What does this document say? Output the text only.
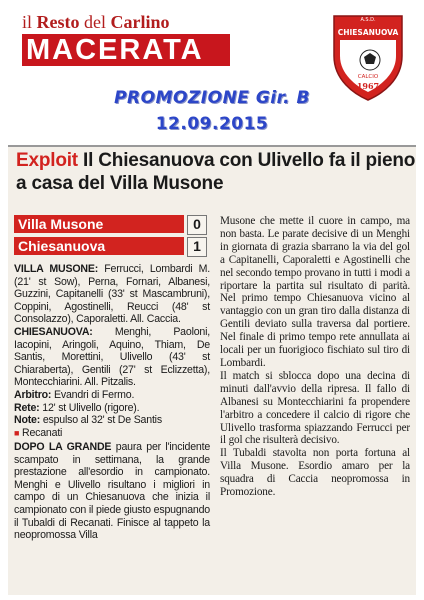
il Resto del Carlino
MACERATA
A.S.D.
CHIESANUOVA
CALCIO
1967
PROMOZIONE Gir. B
12.09.2015
Exploit Il Chiesanuova con Ulivello fa il pieno a casa del Villa Musone
Villa Musone	0
Chiesanuova	1
VILLA MUSONE: Ferrucci, Lombardi M. (21' st Sow), Perna, Fornari, Albanesi, Guzzini, Capitanelli (33' st Mascambruni), Coppini, Agostinelli, Reucci (48' st Consolazzo), Caporaletti. All. Caccia.
CHIESANUOVA: Menghi, Paoloni, Iacopini, Aringoli, Aquino, Thiam, De Santis, Morettini, Ulivello (43' st Chiaraberta), Gentili (27' st Eclizzetta), Montecchiarini. All. Pitzalis.
Arbitro: Evandri di Fermo.
Rete: 12' st Ulivello (rigore).
Note: espulso al 32' st De Santis
■ Recanati
DOPO LA GRANDE paura per l'incidente scampato in settimana, la grande prestazione all'esordio in campionato. Menghi e Ulivello risultano i migliori in campo di un Chiesanuova che inizia il campionato con il piede giusto espugnando il Tubaldi di Recanati. Finisce al tappeto la neopromossa Villa

Musone che mette il cuore in campo, ma non basta. Le parate decisive di un Menghi in giornata di grazia sbarrano la via del gol a Capitanelli, Caporaletti e Agostinelli che nel secondo tempo provano in tutti i modi a riportare la partita sul risultato di parità. Nel primo tempo Chiesanuova vicino al vantaggio con un gran tiro dalla distanza di Gentili deviato sulla traversa dal portiere. Nel finale di primo tempo rete annullata ai locali per un fuorigioco fischiato sul tiro di Lombardi.

Il match si sblocca dopo una decina di minuti dall'avvio della ripresa. Il fallo di Albanesi su Montecchiarini fa propendere l'arbitro a concedere il calcio di rigore che Ulivello trasforma spiazzando Ferrucci per il gol che risulterà decisivo.

Il Tubaldi stavolta non porta fortuna al Villa Musone. Esordio amaro per la squadra di Caccia neopromossa in Promozione.
